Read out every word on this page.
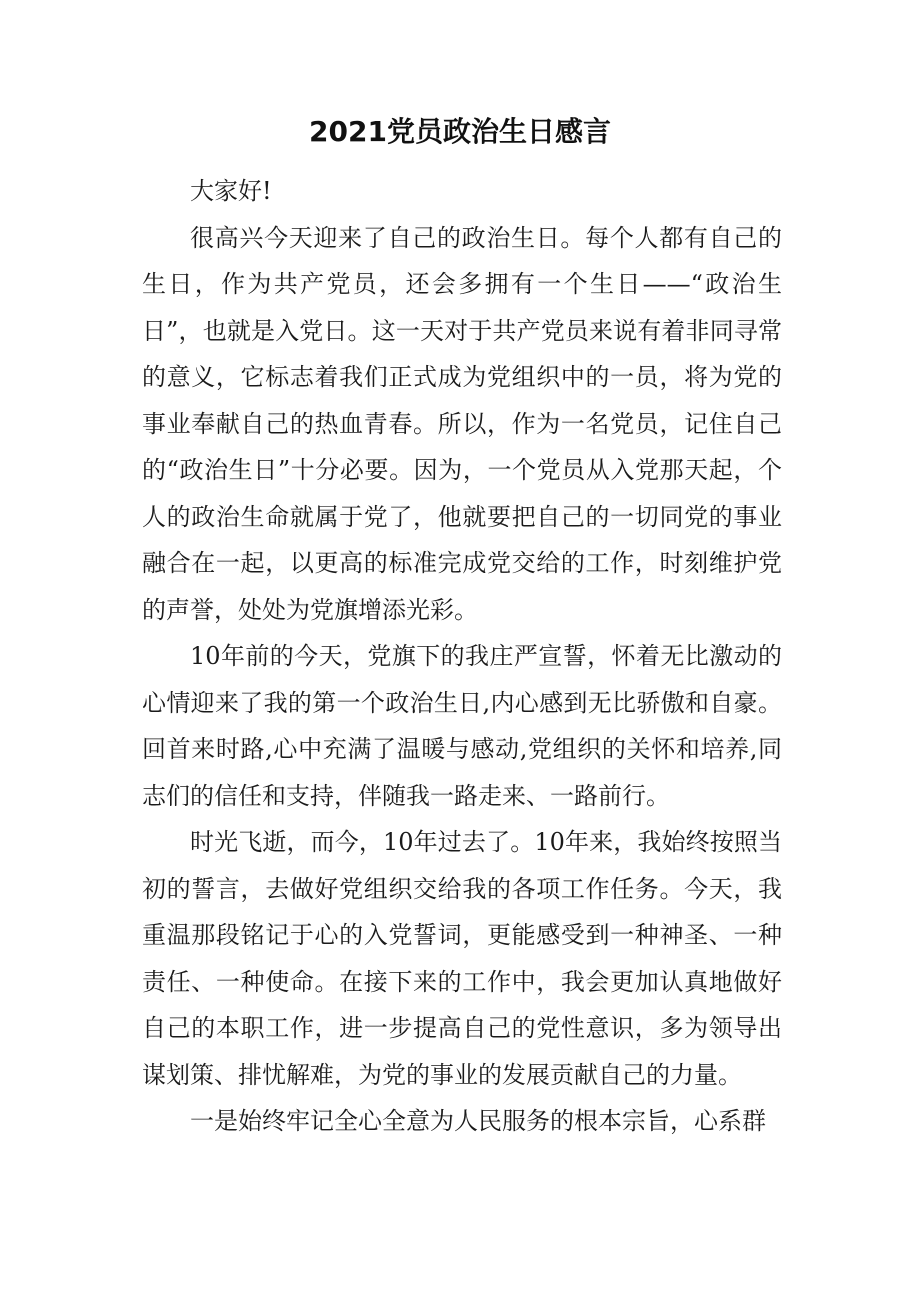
2021党员政治生日感言

大家好!

很高兴今天迎来了自己的政治生日。每个人都有自己的生日，作为共产党员，还会多拥有一个生日——“政治生日”，也就是入党日。这一天对于共产党员来说有着非同寻常的意义，它标志着我们正式成为党组织中的一员，将为党的事业奉献自己的热血青春。所以，作为一名党员，记住自己的“政治生日”十分必要。因为，一个党员从入党那天起，个人的政治生命就属于党了，他就要把自己的一切同党的事业融合在一起，以更高的标准完成党交给的工作，时刻维护党的声誉，处处为党旗增添光彩。

10年前的今天，党旗下的我庄严宣誓，怀着无比激动的心情迎来了我的第一个政治生日,内心感到无比骄傲和自豪。回首来时路,心中充满了温暖与感动,党组织的关怀和培养,同志们的信任和支持，伴随我一路走来、一路前行。

时光飞逝，而今，10年过去了。10年来，我始终按照当初的誓言，去做好党组织交给我的各项工作任务。今天，我重温那段铭记于心的入党誓词，更能感受到一种神圣、一种责任、一种使命。在接下来的工作中，我会更加认真地做好自己的本职工作，进一步提高自己的党性意识，多为领导出谋划策、排忧解难，为党的事业的发展贡献自己的力量。

一是始终牢记全心全意为人民服务的根本宗旨，心系群
